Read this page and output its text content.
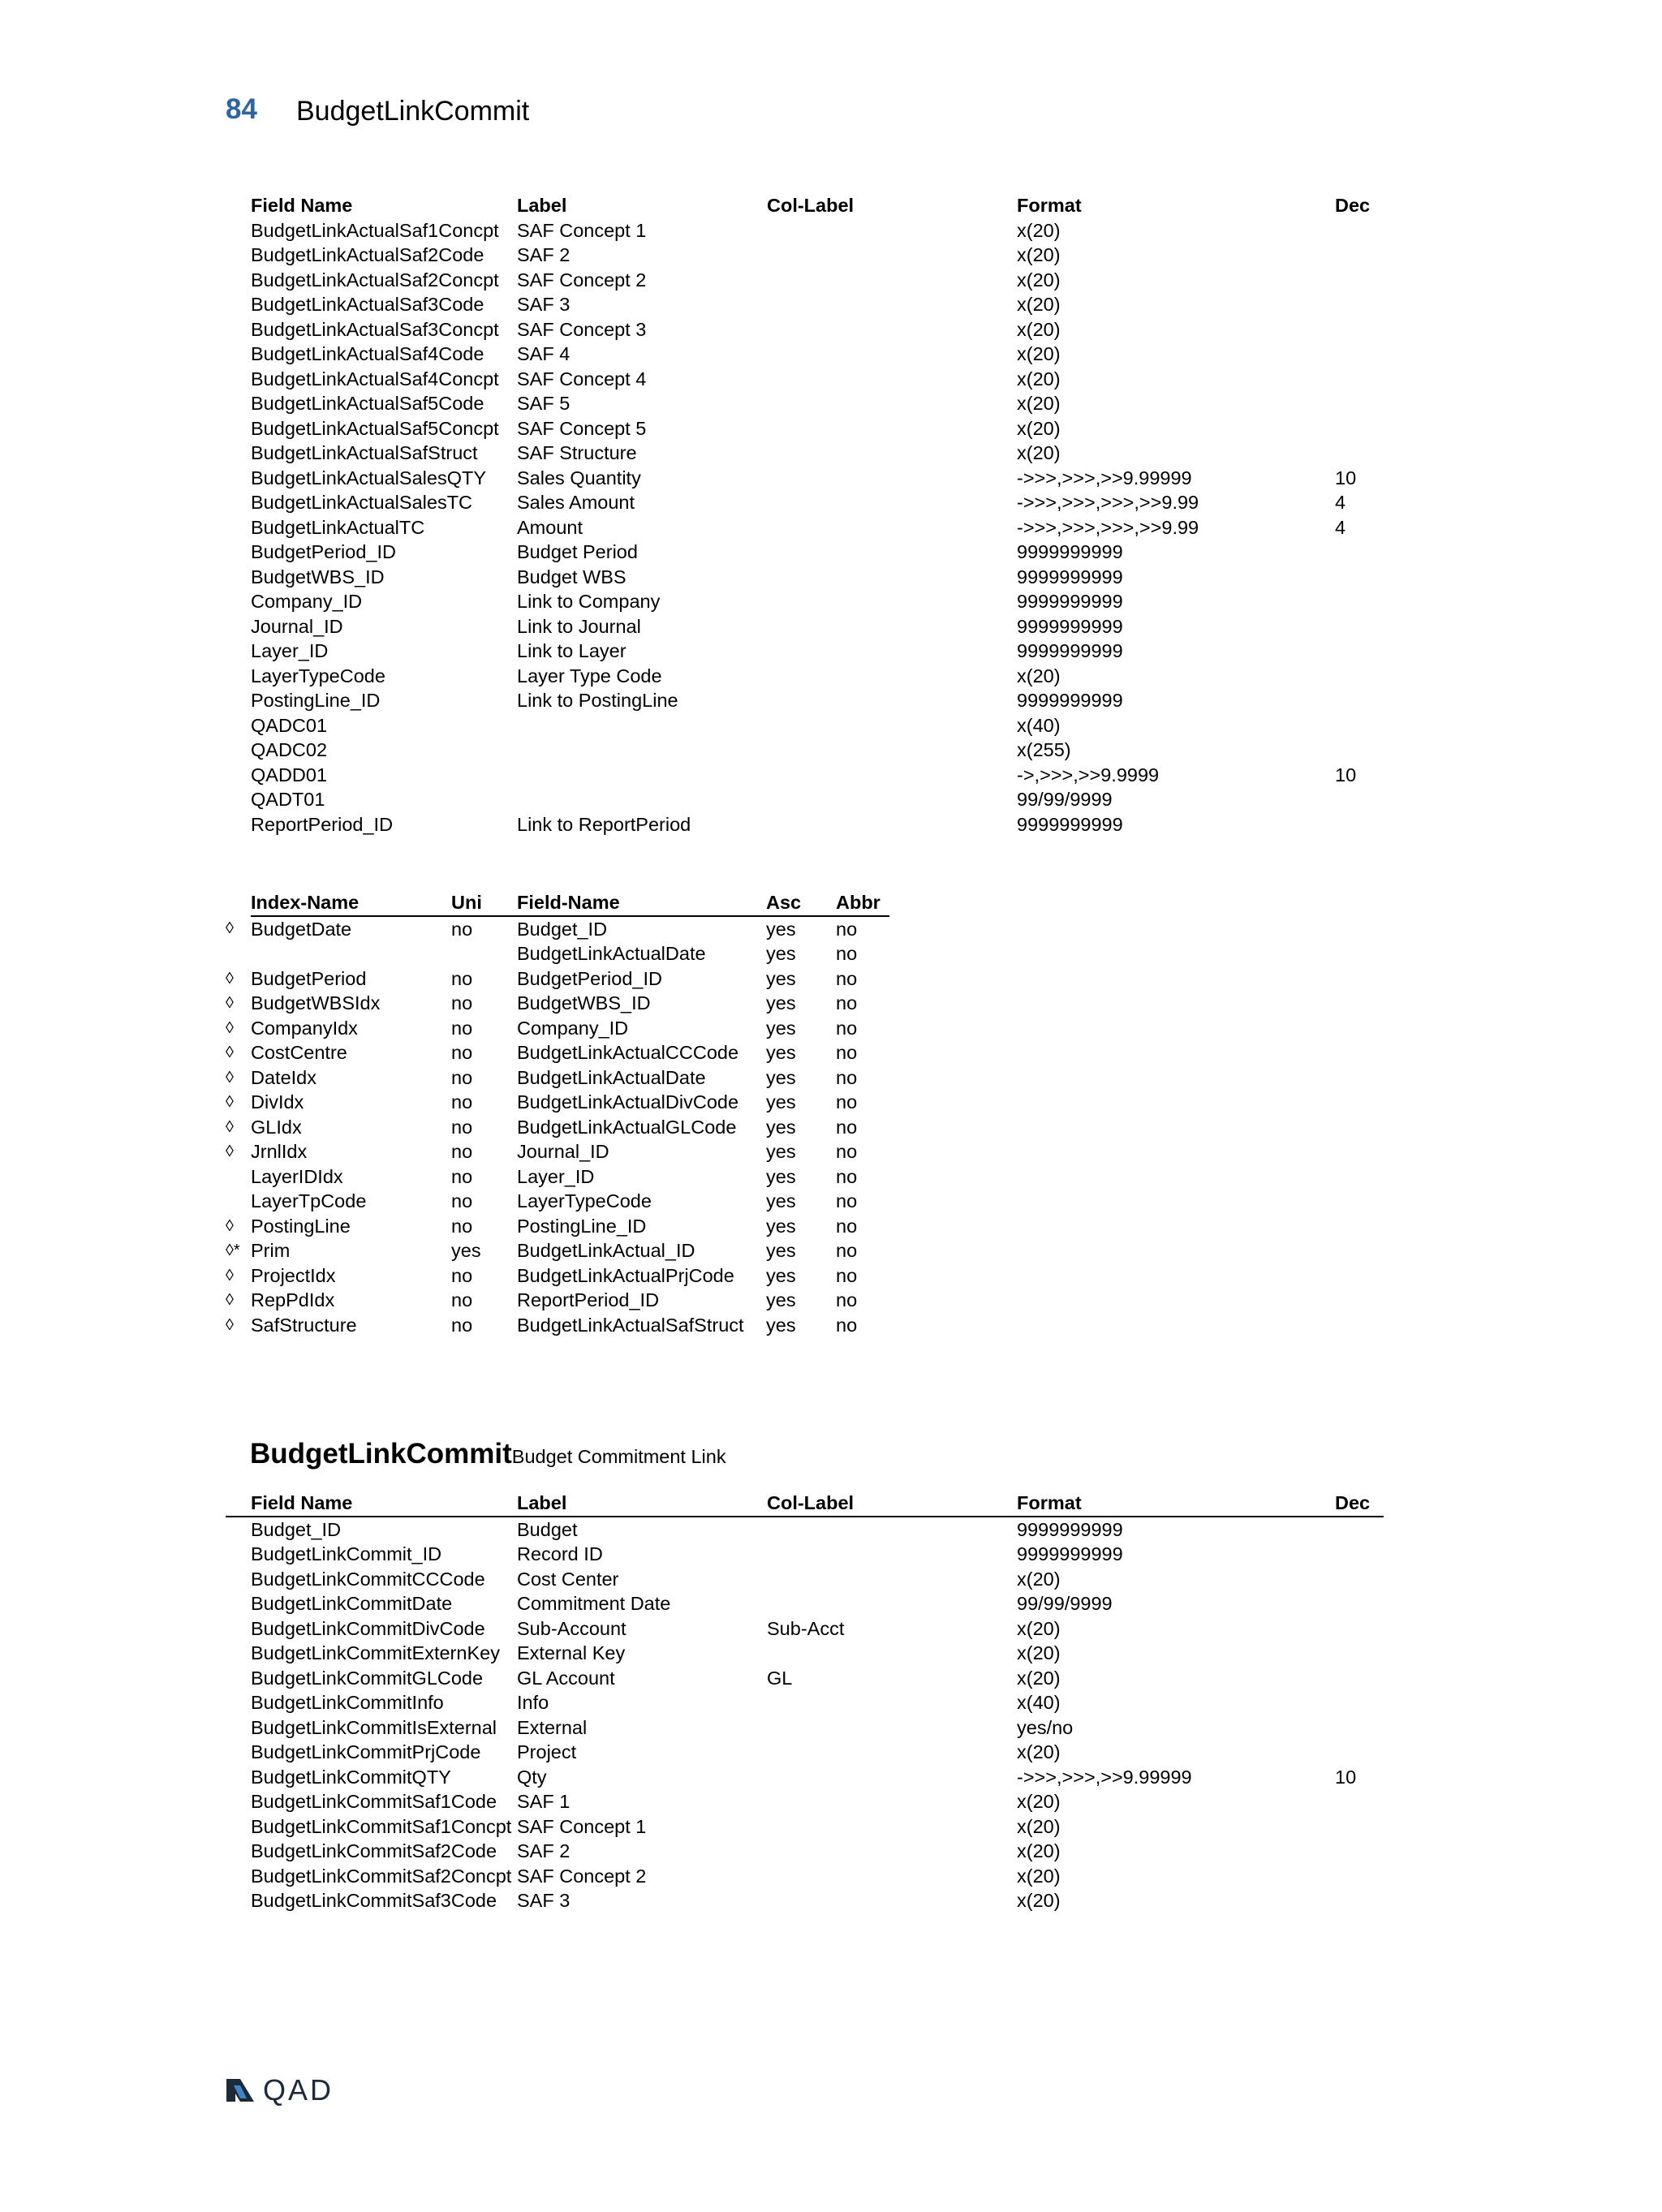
84 BudgetLinkCommit
	Field Name	Label	Col-Label	Format	Dec
	BudgetLinkActualSaf1Concpt	SAF Concept 1		x(20)	
	BudgetLinkActualSaf2Code	SAF 2		x(20)	
	BudgetLinkActualSaf2Concpt	SAF Concept 2		x(20)	
	BudgetLinkActualSaf3Code	SAF 3		x(20)	
	BudgetLinkActualSaf3Concpt	SAF Concept 3		x(20)	
	BudgetLinkActualSaf4Code	SAF 4		x(20)	
	BudgetLinkActualSaf4Concpt	SAF Concept 4		x(20)	
	BudgetLinkActualSaf5Code	SAF 5		x(20)	
	BudgetLinkActualSaf5Concpt	SAF Concept 5		x(20)	
	BudgetLinkActualSafStruct	SAF Structure		x(20)	
	BudgetLinkActualSalesQTY	Sales Quantity		->>>,>>>,>>9.99999	10
	BudgetLinkActualSalesTC	Sales Amount		->>>,>>>,>>>,>>9.99	4
	BudgetLinkActualTC	Amount		->>>,>>>,>>>,>>9.99	4
	BudgetPeriod_ID	Budget Period		9999999999	
	BudgetWBS_ID	Budget WBS		9999999999	
	Company_ID	Link to Company		9999999999	
	Journal_ID	Link to Journal		9999999999	
	Layer_ID	Link to Layer		9999999999	
	LayerTypeCode	Layer Type Code		x(20)	
	PostingLine_ID	Link to PostingLine		9999999999	
	QADC01			x(40)	
	QADC02			x(255)	
	QADD01			->,>>>,>>9.9999	10
	QADT01			99/99/9999	
	ReportPeriod_ID	Link to ReportPeriod		9999999999	
	Index-Name	Uni	Field-Name	Asc	Abbr
◊	BudgetDate	no	Budget_ID	yes	no
			BudgetLinkActualDate	yes	no
◊	BudgetPeriod	no	BudgetPeriod_ID	yes	no
◊	BudgetWBSIdx	no	BudgetWBS_ID	yes	no
◊	CompanyIdx	no	Company_ID	yes	no
◊	CostCentre	no	BudgetLinkActualCCCode	yes	no
◊	DateIdx	no	BudgetLinkActualDate	yes	no
◊	DivIdx	no	BudgetLinkActualDivCode	yes	no
◊	GLIdx	no	BudgetLinkActualGLCode	yes	no
◊	JrnlIdx	no	Journal_ID	yes	no
	LayerIDIdx	no	Layer_ID	yes	no
	LayerTpCode	no	LayerTypeCode	yes	no
◊	PostingLine	no	PostingLine_ID	yes	no
◊*	Prim	yes	BudgetLinkActual_ID	yes	no
◊	ProjectIdx	no	BudgetLinkActualPrjCode	yes	no
◊	RepPdIdx	no	ReportPeriod_ID	yes	no
◊	SafStructure	no	BudgetLinkActualSafStruct	yes	no
BudgetLinkCommitBudget Commitment Link
	Field Name	Label	Col-Label	Format	Dec
	Budget_ID	Budget		9999999999	
	BudgetLinkCommit_ID	Record ID		9999999999	
	BudgetLinkCommitCCCode	Cost Center		x(20)	
	BudgetLinkCommitDate	Commitment Date		99/99/9999	
	BudgetLinkCommitDivCode	Sub-Account	Sub-Acct	x(20)	
	BudgetLinkCommitExternKey	External Key		x(20)	
	BudgetLinkCommitGLCode	GL Account	GL	x(20)	
	BudgetLinkCommitInfo	Info		x(40)	
	BudgetLinkCommitIsExternal	External		yes/no	
	BudgetLinkCommitPrjCode	Project		x(20)	
	BudgetLinkCommitQTY	Qty		->>>,>>>,>>9.99999	10
	BudgetLinkCommitSaf1Code	SAF 1		x(20)	
	BudgetLinkCommitSaf1Concpt	SAF Concept 1		x(20)	
	BudgetLinkCommitSaf2Code	SAF 2		x(20)	
	BudgetLinkCommitSaf2Concpt	SAF Concept 2		x(20)	
	BudgetLinkCommitSaf3Code	SAF 3		x(20)	
QAD
